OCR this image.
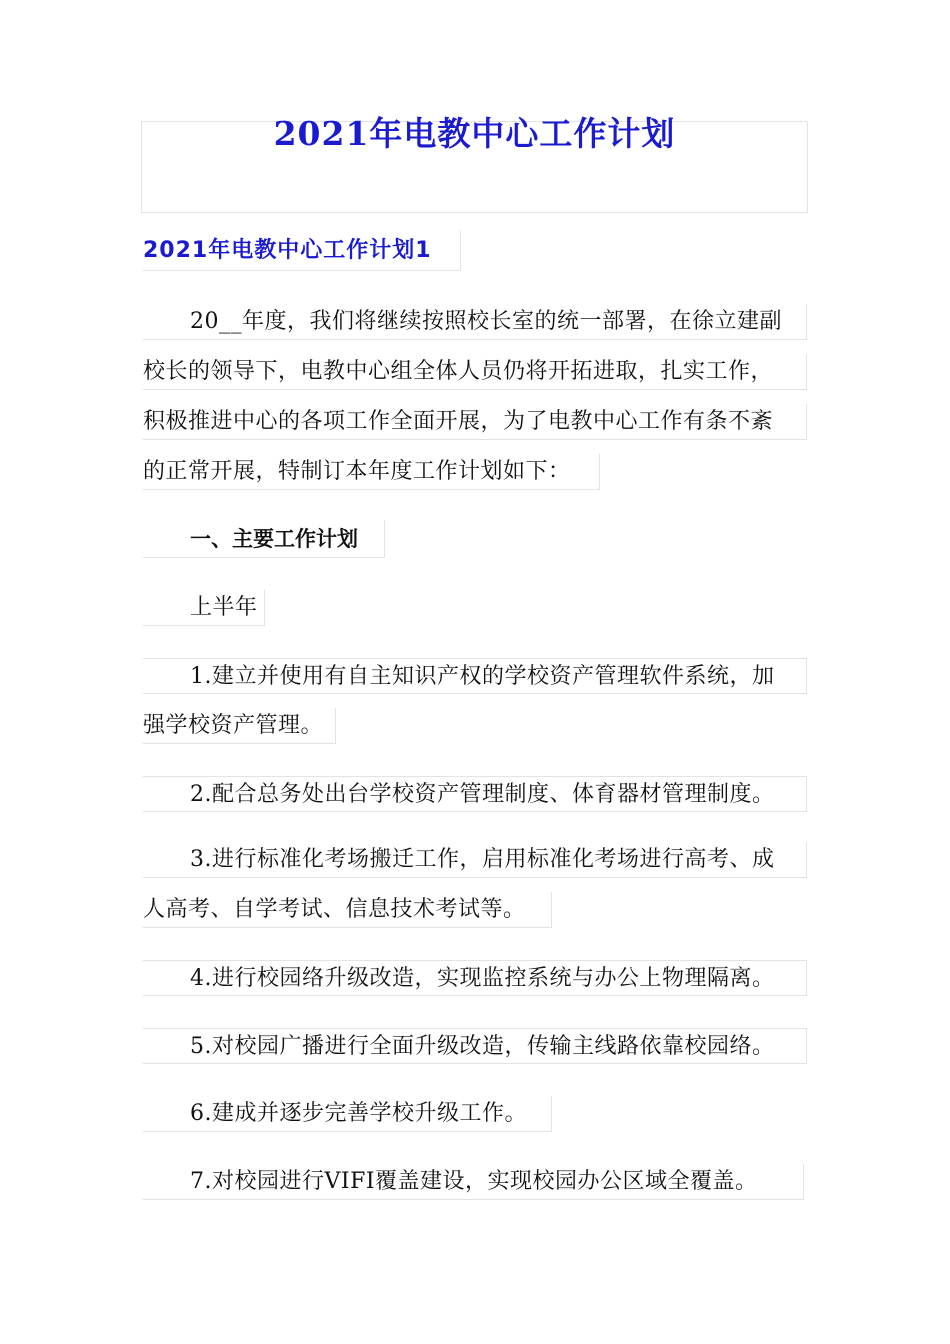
2021年电教中心工作计划
2021年电教中心工作计划1
20__年度，我们将继续按照校长室的统一部署，在徐立建副
校长的领导下，电教中心组全体人员仍将开拓进取，扎实工作，
积极推进中心的各项工作全面开展，为了电教中心工作有条不紊
的正常开展，特制订本年度工作计划如下：
一、主要工作计划
上半年
1.建立并使用有自主知识产权的学校资产管理软件系统，加
强学校资产管理。
2.配合总务处出台学校资产管理制度、体育器材管理制度。
3.进行标准化考场搬迁工作，启用标准化考场进行高考、成
人高考、自学考试、信息技术考试等。
4.进行校园络升级改造，实现监控系统与办公上物理隔离。
5.对校园广播进行全面升级改造，传输主线路依靠校园络。
6.建成并逐步完善学校升级工作。
7.对校园进行VIFI覆盖建设，实现校园办公区域全覆盖。
